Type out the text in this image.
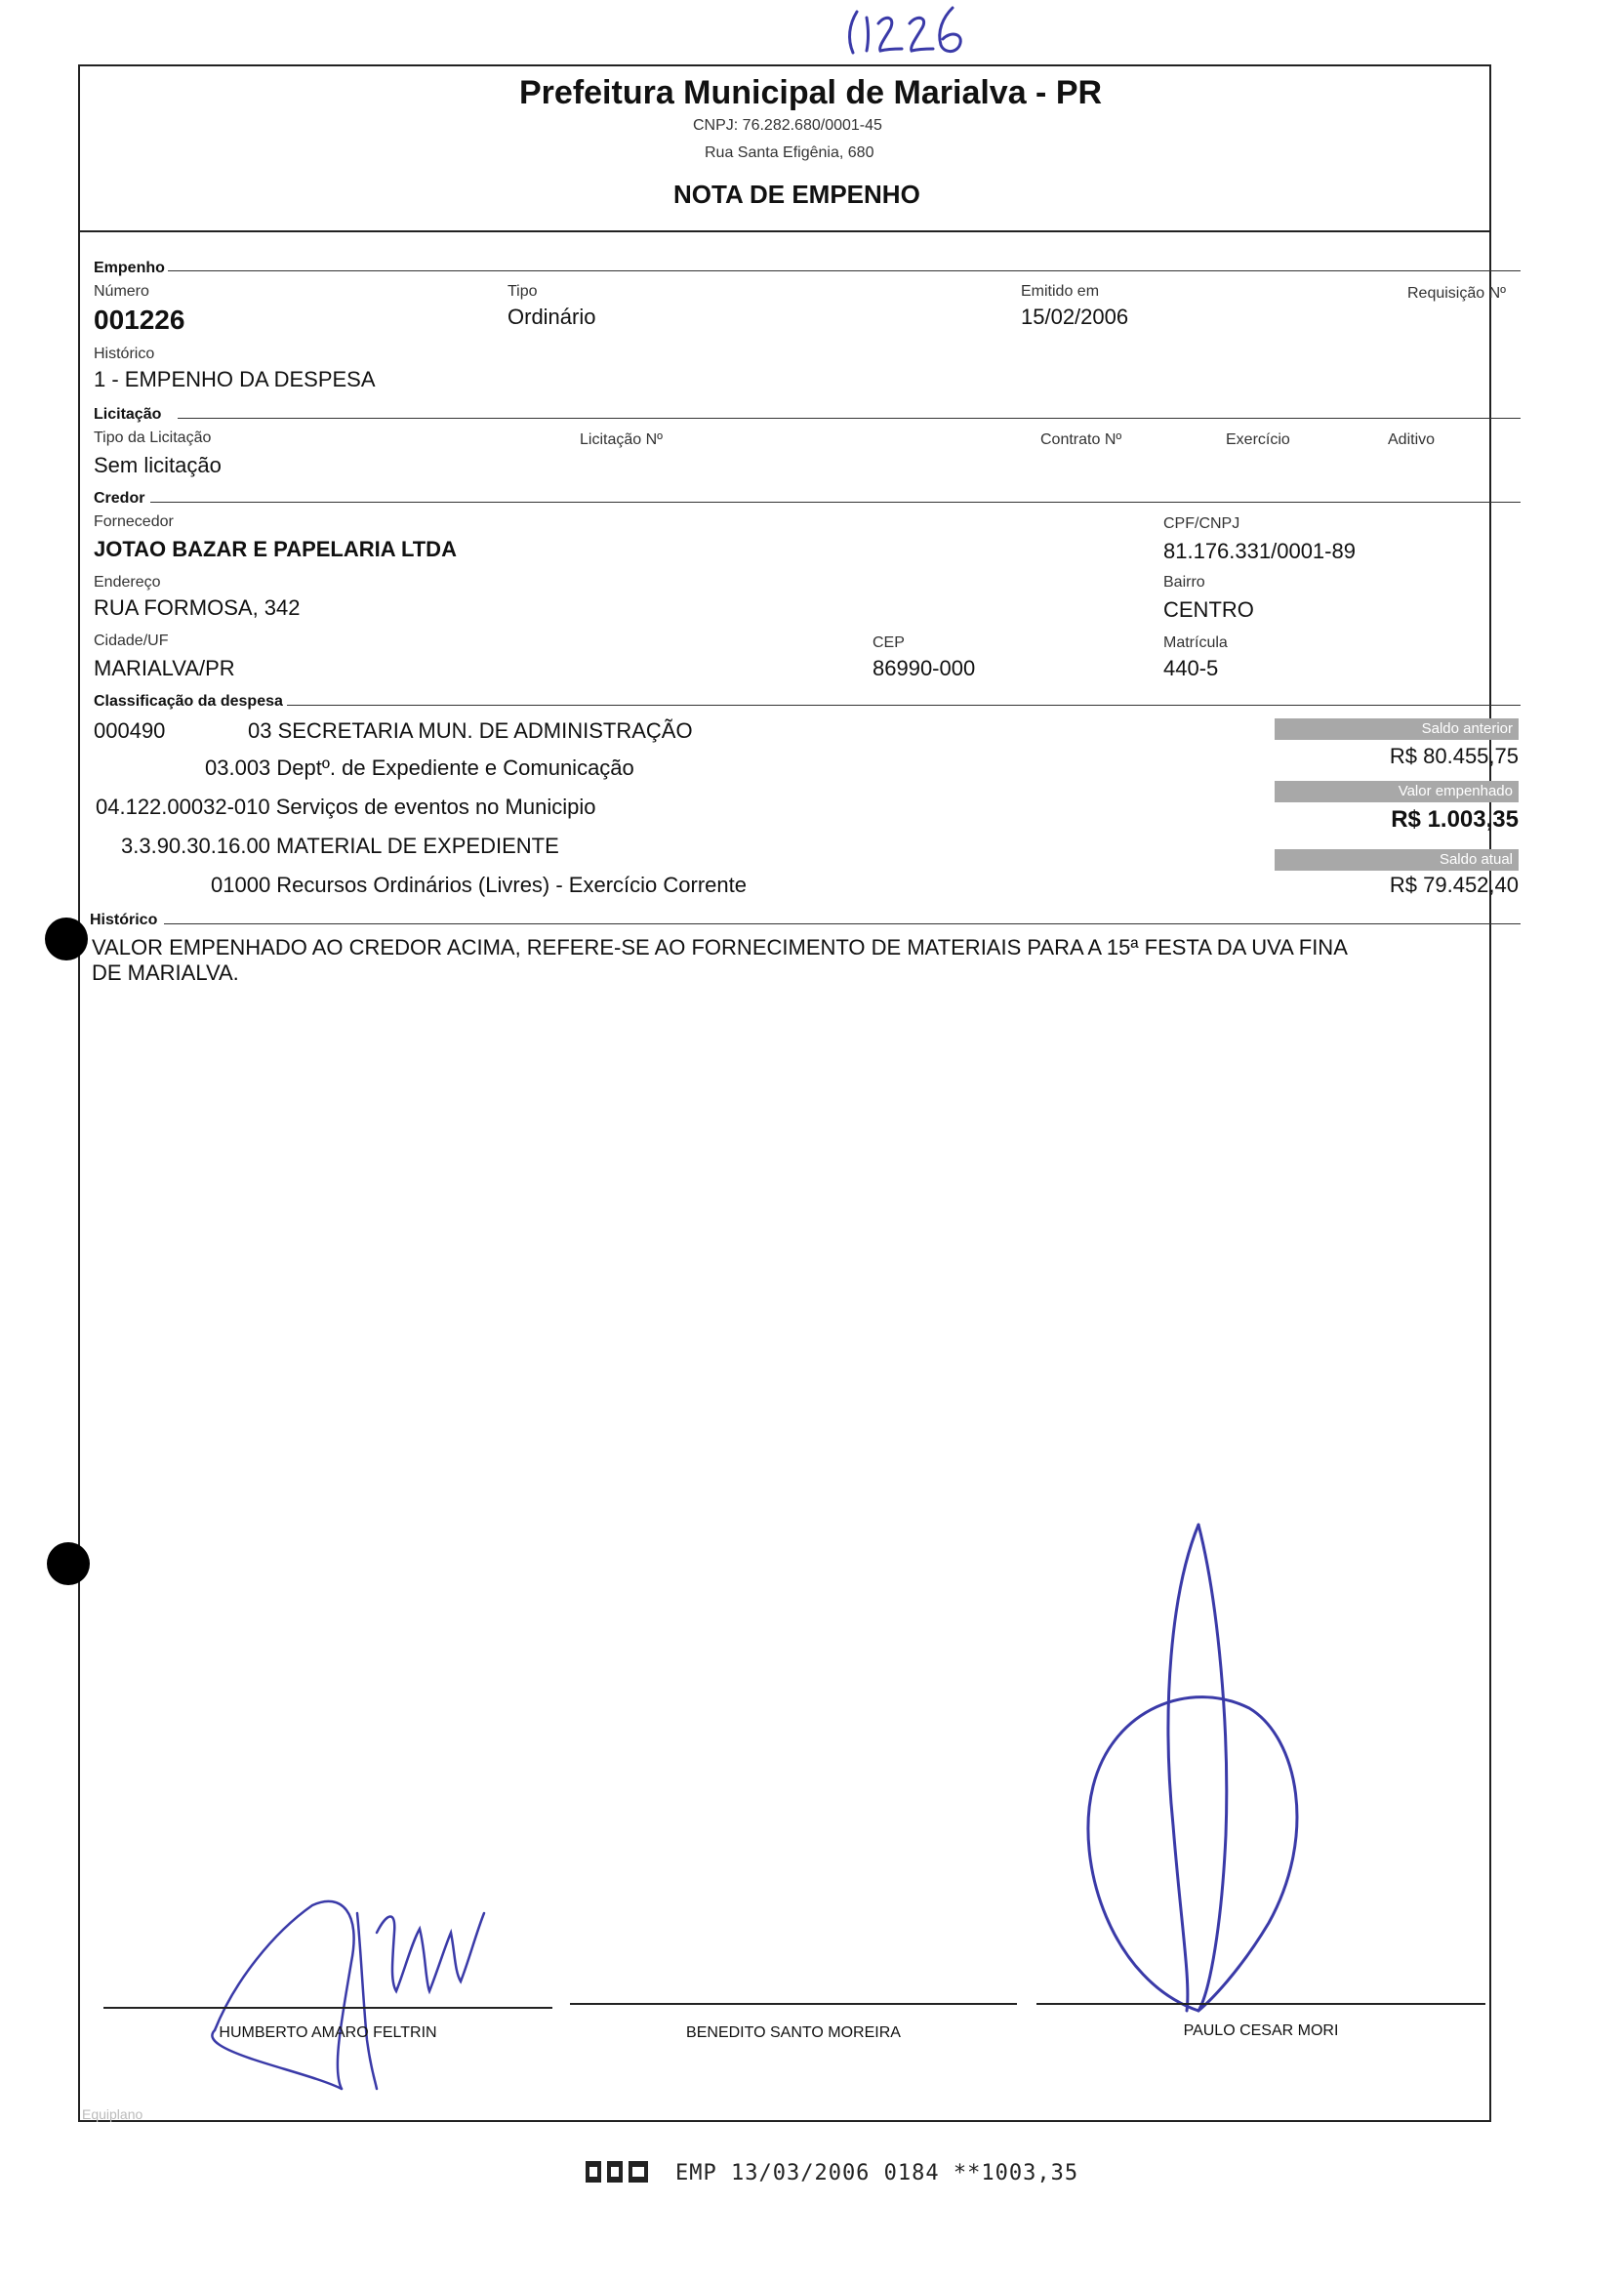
Prefeitura Municipal de Marialva - PR
CNPJ: 76.282.680/0001-45
Rua Santa Efigênia, 680
NOTA DE EMPENHO
Empenho
Número
001226
Tipo
Ordinário
Emitido em
15/02/2006
Requisição Nº
Histórico
1 - EMPENHO DA DESPESA
Licitação
Tipo da Licitação
Sem licitação
Licitação Nº	Contrato Nº	Exercício	Aditivo
Credor
Fornecedor
JOTAO BAZAR E PAPELARIA LTDA
CPF/CNPJ
81.176.331/0001-89
Endereço
RUA FORMOSA, 342
Bairro
CENTRO
Cidade/UF
MARIALVA/PR
CEP
86990-000
Matrícula
440-5
Classificação da despesa
000490	03 SECRETARIA MUN. DE ADMINISTRAÇÃO
03.003 Deptº. de Expediente e Comunicação
04.122.00032-010 Serviços de eventos no Municipio
3.3.90.30.16.00 MATERIAL DE EXPEDIENTE
01000 Recursos Ordinários (Livres) - Exercício Corrente
Saldo anterior
R$ 80.455,75
Valor empenhado
R$ 1.003,35
Saldo atual
R$ 79.452,40
Histórico
VALOR EMPENHADO AO CREDOR ACIMA, REFERE-SE AO FORNECIMENTO DE MATERIAIS PARA A 15ª FESTA DA UVA FINA
DE MARIALVA.
HUMBERTO AMARO FELTRIN	BENEDITO SANTO MOREIRA	PAULO CESAR MORI
Equiplano
EMP 13/03/2006 0184 **1003,35
